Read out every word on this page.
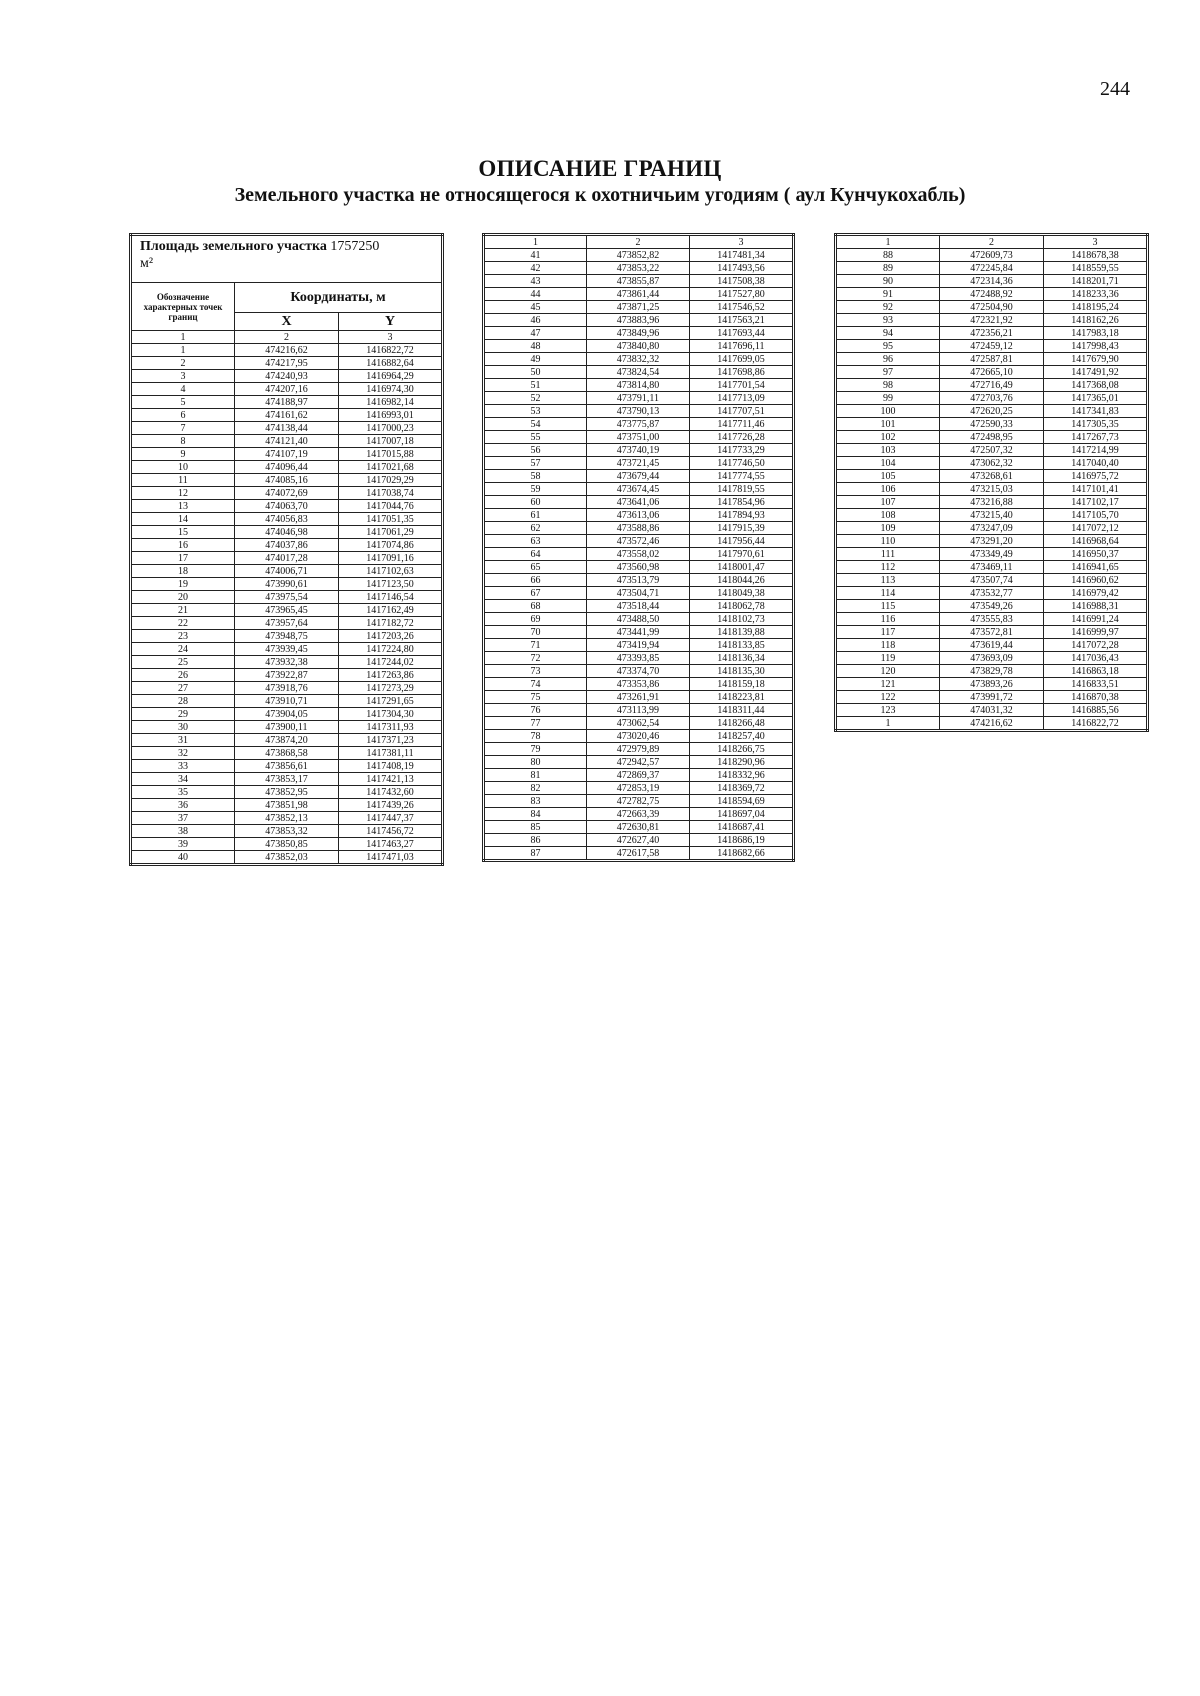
244
ОПИСАНИЕ ГРАНИЦ
Земельного участка не относящегося к охотничьим угодиям ( аул Кунчукохабль)
Площадь земельного участка 1757250
м²		
Обозначение характерных точек границ	Координаты, м	
	X	Y
1	2	3
1	474216,62	1416822,72
2	474217,95	1416882,64
3	474240,93	1416964,29
4	474207,16	1416974,30
5	474188,97	1416982,14
6	474161,62	1416993,01
7	474138,44	1417000,23
8	474121,40	1417007,18
9	474107,19	1417015,88
10	474096,44	1417021,68
11	474085,16	1417029,29
12	474072,69	1417038,74
13	474063,70	1417044,76
14	474056,83	1417051,35
15	474046,98	1417061,29
16	474037,86	1417074,86
17	474017,28	1417091,16
18	474006,71	1417102,63
19	473990,61	1417123,50
20	473975,54	1417146,54
21	473965,45	1417162,49
22	473957,64	1417182,72
23	473948,75	1417203,26
24	473939,45	1417224,80
25	473932,38	1417244,02
26	473922,87	1417263,86
27	473918,76	1417273,29
28	473910,71	1417291,65
29	473904,05	1417304,30
30	473900,11	1417311,93
31	473874,20	1417371,23
32	473868,58	1417381,11
33	473856,61	1417408,19
34	473853,17	1417421,13
35	473852,95	1417432,60
36	473851,98	1417439,26
37	473852,13	1417447,37
38	473853,32	1417456,72
39	473850,85	1417463,27
40	473852,03	1417471,03
1	2	3
41	473852,82	1417481,34
42	473853,22	1417493,56
43	473855,87	1417508,38
44	473861,44	1417527,80
45	473871,25	1417546,52
46	473883,96	1417563,21
47	473849,96	1417693,44
48	473840,80	1417696,11
49	473832,32	1417699,05
50	473824,54	1417698,86
51	473814,80	1417701,54
52	473791,11	1417713,09
53	473790,13	1417707,51
54	473775,87	1417711,46
55	473751,00	1417726,28
56	473740,19	1417733,29
57	473721,45	1417746,50
58	473679,44	1417774,55
59	473674,45	1417819,55
60	473641,06	1417854,96
61	473613,06	1417894,93
62	473588,86	1417915,39
63	473572,46	1417956,44
64	473558,02	1417970,61
65	473560,98	1418001,47
66	473513,79	1418044,26
67	473504,71	1418049,38
68	473518,44	1418062,78
69	473488,50	1418102,73
70	473441,99	1418139,88
71	473419,94	1418133,85
72	473393,85	1418136,34
73	473374,70	1418135,30
74	473353,86	1418159,18
75	473261,91	1418223,81
76	473113,99	1418311,44
77	473062,54	1418266,48
78	473020,46	1418257,40
79	472979,89	1418266,75
80	472942,57	1418290,96
81	472869,37	1418332,96
82	472853,19	1418369,72
83	472782,75	1418594,69
84	472663,39	1418697,04
85	472630,81	1418687,41
86	472627,40	1418686,19
87	472617,58	1418682,66
1	2	3
88	472609,73	1418678,38
89	472245,84	1418559,55
90	472314,36	1418201,71
91	472488,92	1418233,36
92	472504,90	1418195,24
93	472321,92	1418162,26
94	472356,21	1417983,18
95	472459,12	1417998,43
96	472587,81	1417679,90
97	472665,10	1417491,92
98	472716,49	1417368,08
99	472703,76	1417365,01
100	472620,25	1417341,83
101	472590,33	1417305,35
102	472498,95	1417267,73
103	472507,32	1417214,99
104	473062,32	1417040,40
105	473268,61	1416975,72
106	473215,03	1417101,41
107	473216,88	1417102,17
108	473215,40	1417105,70
109	473247,09	1417072,12
110	473291,20	1416968,64
111	473349,49	1416950,37
112	473469,11	1416941,65
113	473507,74	1416960,62
114	473532,77	1416979,42
115	473549,26	1416988,31
116	473555,83	1416991,24
117	473572,81	1416999,97
118	473619,44	1417072,28
119	473693,09	1417036,43
120	473829,78	1416863,18
121	473893,26	1416833,51
122	473991,72	1416870,38
123	474031,32	1416885,56
1	474216,62	1416822,72
